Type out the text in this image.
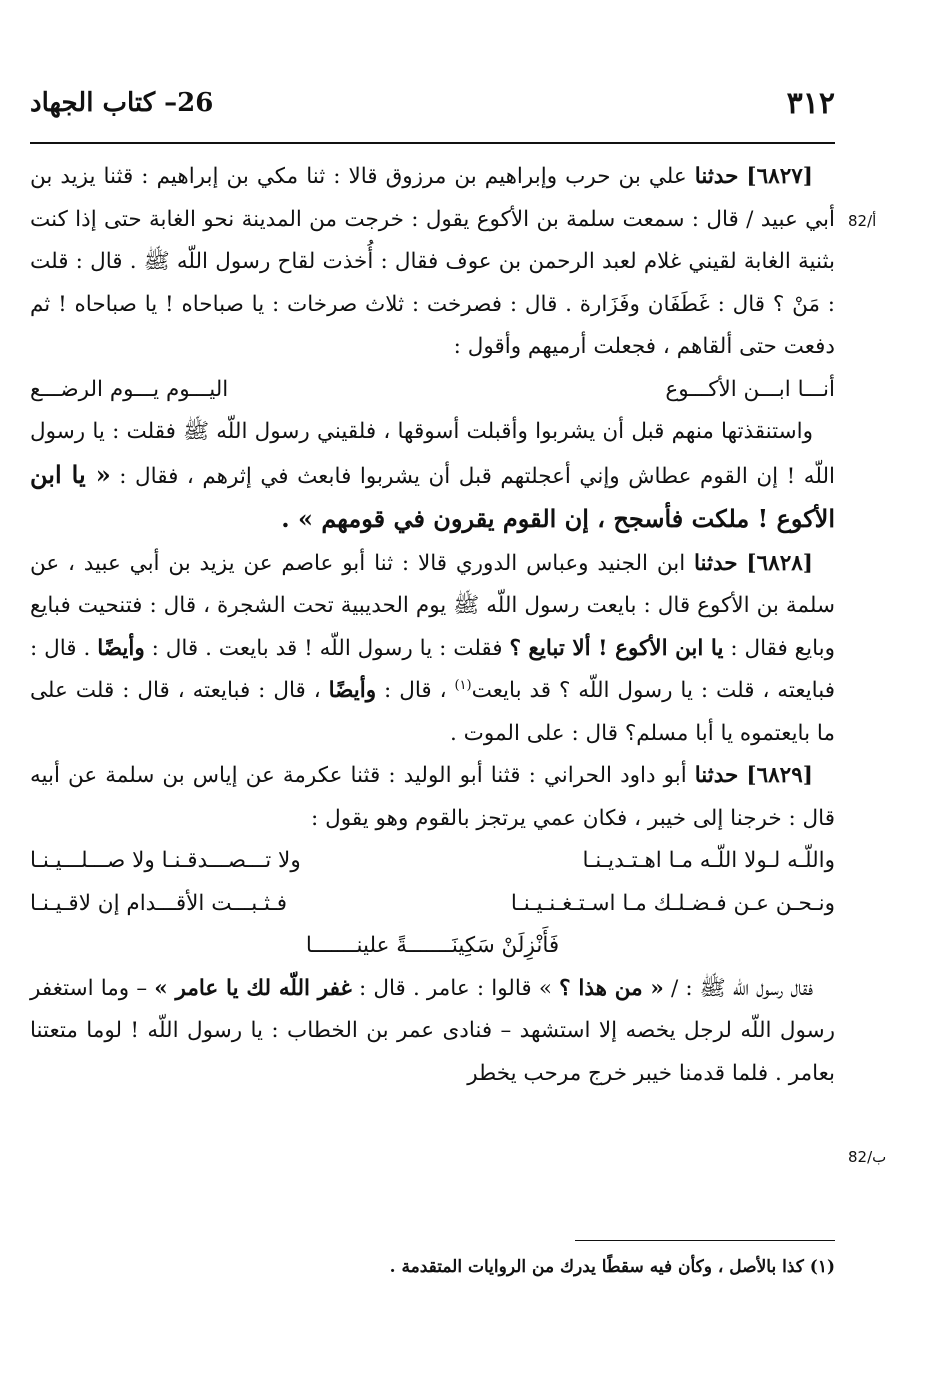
٣١٢
26– كتاب الجهاد
82/أ
82/ب

[٦٨٢٧] حدثنا علي بن حرب وإبراهيم بن مرزوق قالا : ثنا مكي بن إبراهيم : قثنا يزيد بن أبي عبيد / قال : سمعت سلمة بن الأكوع يقول : خرجت من المدينة نحو الغابة حتى إذا كنت بثنية الغابة لقيني غلام لعبد الرحمن بن عوف فقال : أُخذت لقاح رسول اللّه ﷺ . قال : قلت : مَنْ ؟ قال : غَطَفَان وفَزَارة . قال : فصرخت : ثلاث صرخات : يا صباحاه ! يا صباحاه ! ثم دفعت حتى ألقاهم ، فجعلت أرميهم وأقول :

أنـــا ابـــن الأكـــوع
اليـــوم يـــوم الرضـــع

واستنقذتها منهم قبل أن يشربوا وأقبلت أسوقها ، فلقيني رسول اللّه ﷺ فقلت : يا رسول اللّه ! إن القوم عطاش وإني أعجلتهم قبل أن يشربوا فابعث في إثرهم ، فقال : « يا ابن الأكوع ! ملكت فأسجح ، إن القوم يقرون في قومهم » .

[٦٨٢٨] حدثنا ابن الجنيد وعباس الدوري قالا : ثنا أبو عاصم عن يزيد بن أبي عبيد ، عن سلمة بن الأكوع قال : بايعت رسول اللّه ﷺ يوم الحديبية تحت الشجرة ، قال : فتنحيت فبايع وبايع فقال : يا ابن الأكوع ! ألا تبايع ؟ فقلت : يا رسول اللّه ! قد بايعت . قال : وأيضًا . قال : فبايعته ، قلت : يا رسول اللّه ؟ قد بايعت$^{(١)}$ ، قال : وأيضًا ، قال : فبايعته ، قال : قلت على ما بايعتموه يا أبا مسلم؟ قال : على الموت .

[٦٨٢٩] حدثنا أبو داود الحراني : قثنا أبو الوليد : قثنا عكرمة عن إياس بن سلمة عن أبيه قال : خرجنا إلى خيبر ، فكان عمي يرتجز بالقوم وهو يقول :

واللّـه لـولا اللّـه مـا اهـتـديـنـا
ولا تـــصـــدقـنـا ولا صـــلـــيـنـا
ونـحـن عـن فـضـلـك مـا اسـتـغـنـيـنـا
فـثـبـــت الأقـــدام إن لاقـيـنـا
فَأَنْزِلَنْ سَكِينَـــــــةً علينـــــــا

فقال رسول اللّه ﷺ : / « من هذا ؟ » قالوا : عامر . قال : غفر اللّه لك يا عامر » – وما استغفر رسول اللّه لرجل يخصه إلا استشهد – فنادى عمر بن الخطاب : يا رسول اللّه ! لوما متعتنا بعامر . فلما قدمنا خيبر خرج مرحب يخطر

(١) كذا بالأصل ، وكأن فيه سقطًا يدرك من الروايات المتقدمة .
